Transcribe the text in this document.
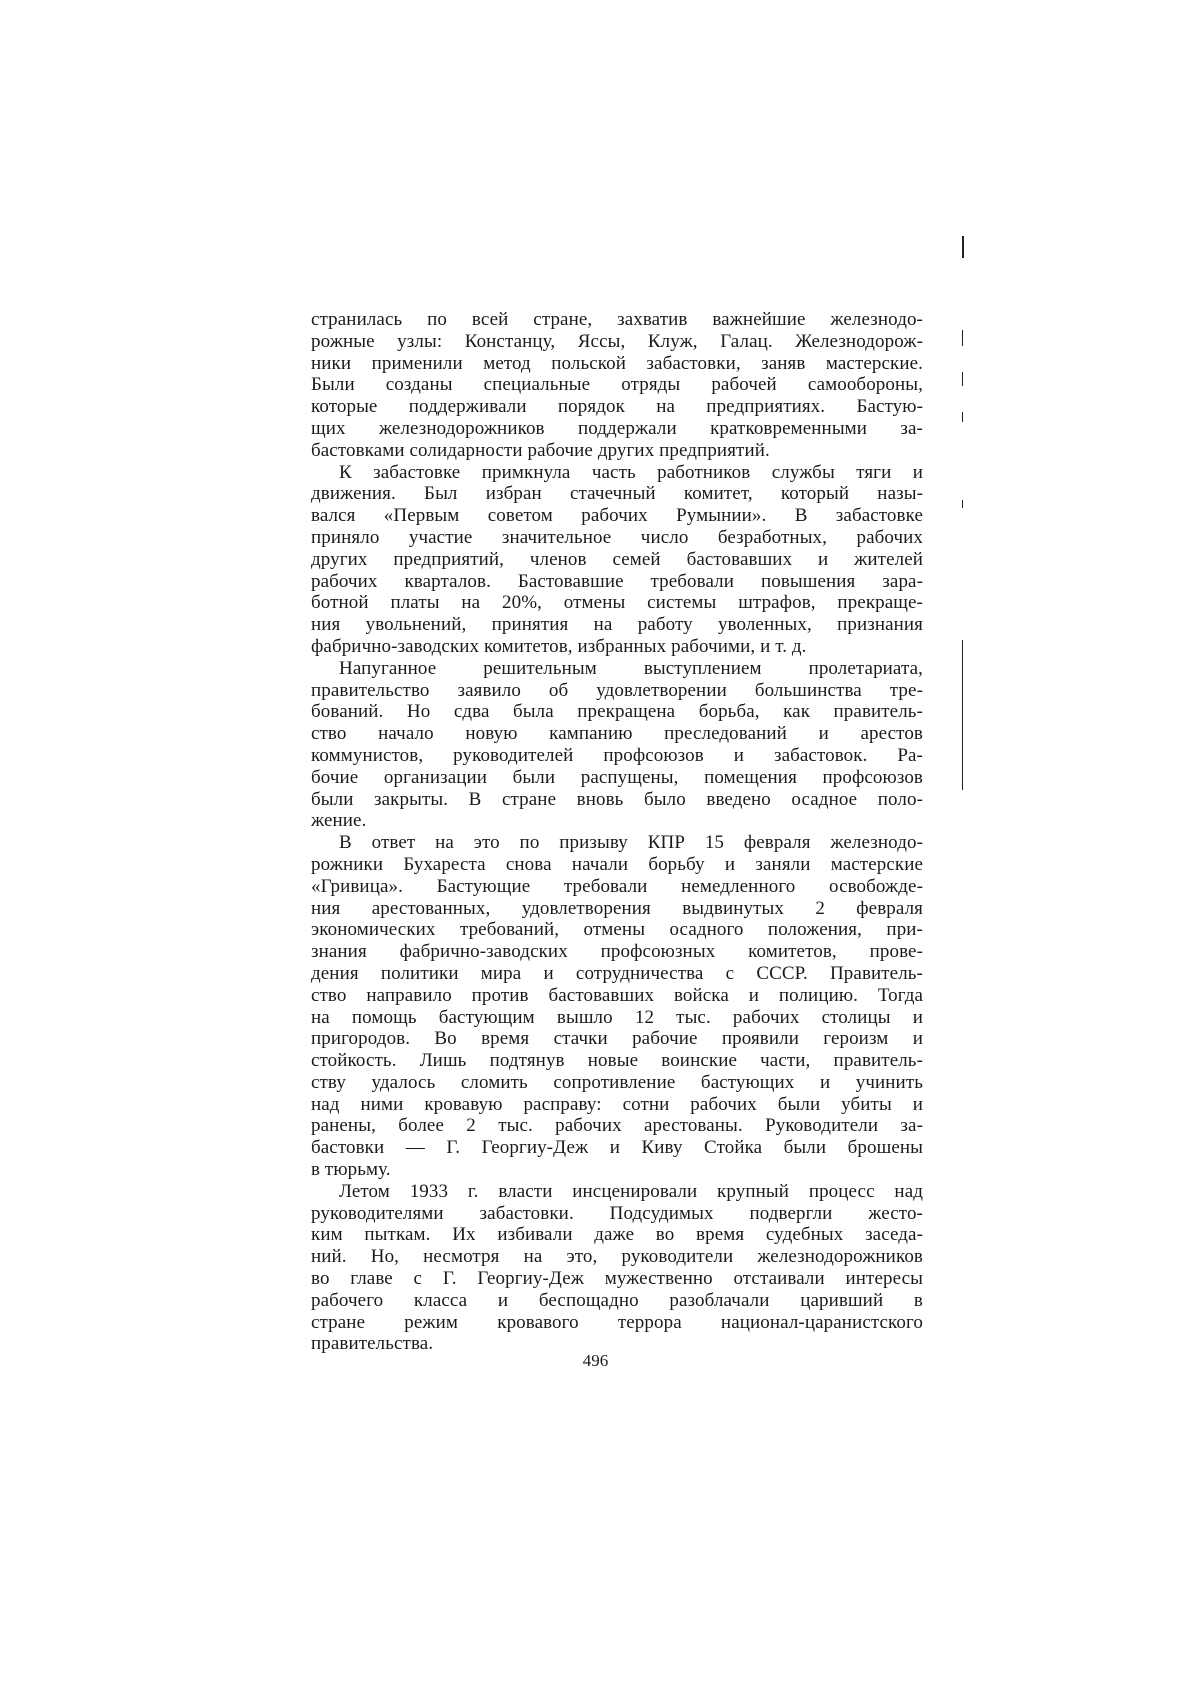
странилась по всей стране, захватив важнейшие железнодо-
рожные узлы: Констанцу, Яссы, Клуж, Галац. Железнодорож-
ники применили метод польской забастовки, заняв мастерские.
Были созданы специальные отряды рабочей самообороны,
которые поддерживали порядок на предприятиях. Бастую-
щих железнодорожников поддержали кратковременными за-
бастовками солидарности рабочие других предприятий.
К забастовке примкнула часть работников службы тяги и
движения. Был избран стачечный комитет, который назы-
вался «Первым советом рабочих Румынии». В забастовке
приняло участие значительное число безработных, рабочих
других предприятий, членов семей бастовавших и жителей
рабочих кварталов. Бастовавшие требовали повышения зара-
ботной платы на 20%, отмены системы штрафов, прекраще-
ния увольнений, принятия на работу уволенных, признания
фабрично-заводских комитетов, избранных рабочими, и т. д.
Напуганное решительным выступлением пролетариата,
правительство заявило об удовлетворении большинства тре-
бований. Но сдва была прекращена борьба, как правитель-
ство начало новую кампанию преследований и арестов
коммунистов, руководителей профсоюзов и забастовок. Ра-
бочие организации были распущены, помещения профсоюзов
были закрыты. В стране вновь было введено осадное поло-
жение.
В ответ на это по призыву КПР 15 февраля железнодо-
рожники Бухареста снова начали борьбу и заняли мастерские
«Гривица». Бастующие требовали немедленного освобожде-
ния арестованных, удовлетворения выдвинутых 2 февраля
экономических требований, отмены осадного положения, при-
знания фабрично-заводских профсоюзных комитетов, прове-
дения политики мира и сотрудничества с СССР. Правитель-
ство направило против бастовавших войска и полицию. Тогда
на помощь бастующим вышло 12 тыс. рабочих столицы и
пригородов. Во время стачки рабочие проявили героизм и
стойкость. Лишь подтянув новые воинские части, правитель-
ству удалось сломить сопротивление бастующих и учинить
над ними кровавую расправу: сотни рабочих были убиты и
ранены, более 2 тыс. рабочих арестованы. Руководители за-
бастовки — Г. Георгиу-Деж и Киву Стойка были брошены
в тюрьму.
Летом 1933 г. власти инсценировали крупный процесс над
руководителями забастовки. Подсудимых подвергли жесто-
ким пыткам. Их избивали даже во время судебных заседа-
ний. Но, несмотря на это, руководители железнодорожников
во главе с Г. Георгиу-Деж мужественно отстаивали интересы
рабочего класса и беспощадно разоблачали царивший в
стране режим кровавого террора национал-царанистского
правительства.
496
